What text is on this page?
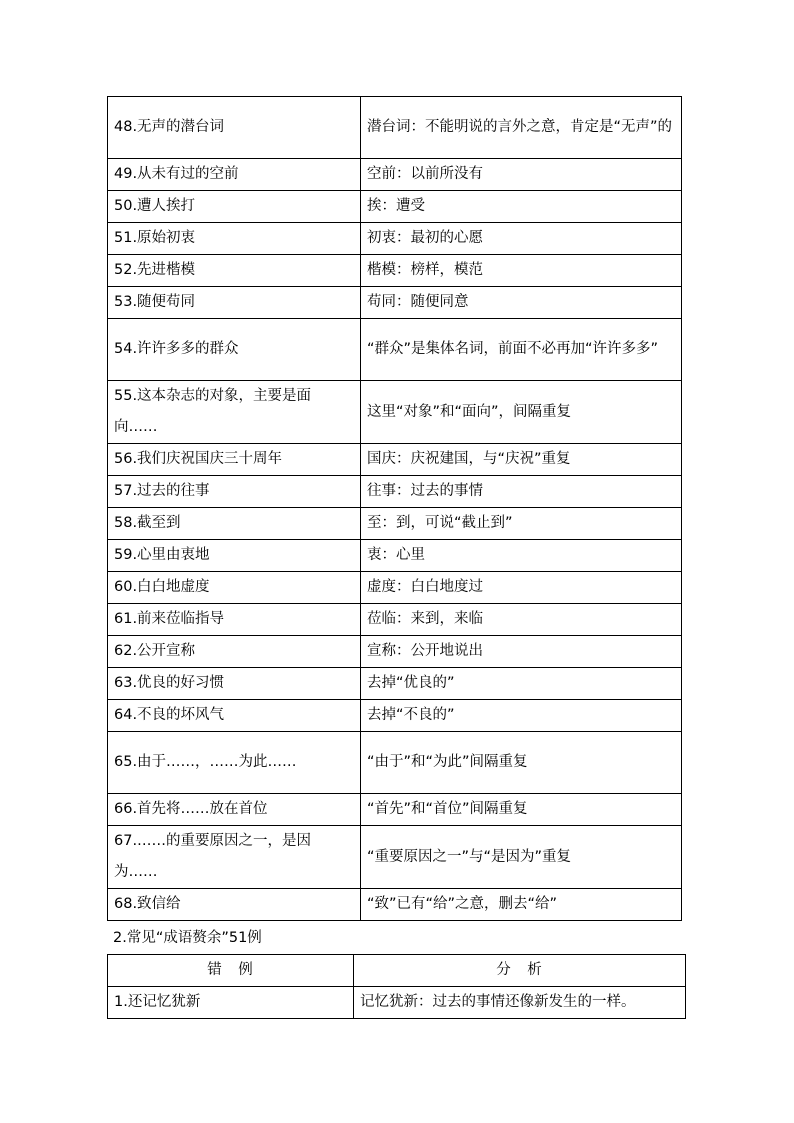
48.无声的潜台词	潜台词：不能明说的言外之意，肯定是“无声”的
49.从未有过的空前	空前：以前所没有
50.遭人挨打	挨：遭受
51.原始初衷	初衷：最初的心愿
52.先进楷模	楷模：榜样，模范
53.随便苟同	苟同：随便同意
54.许许多多的群众	“群众”是集体名词，前面不必再加“许许多多”
55.这本杂志的对象，主要是面向……	这里“对象”和“面向”，间隔重复
56.我们庆祝国庆三十周年	国庆：庆祝建国，与“庆祝”重复
57.过去的往事	往事：过去的事情
58.截至到	至：到，可说“截止到”
59.心里由衷地	衷：心里
60.白白地虚度	虚度：白白地度过
61.前来莅临指导	莅临：来到，来临
62.公开宣称	宣称：公开地说出
63.优良的好习惯	去掉“优良的”
64.不良的坏风气	去掉“不良的”
65.由于……，……为此……	“由于”和“为此”间隔重复
66.首先将……放在首位	“首先”和“首位”间隔重复
67.……的重要原因之一，是因为……	“重要原因之一”与“是因为”重复
68.致信给	“致”已有“给”之意，删去“给”
2.常见“成语赘余”51例
错　例	分　析
1.还记忆犹新	记忆犹新：过去的事情还像新发生的一样。
